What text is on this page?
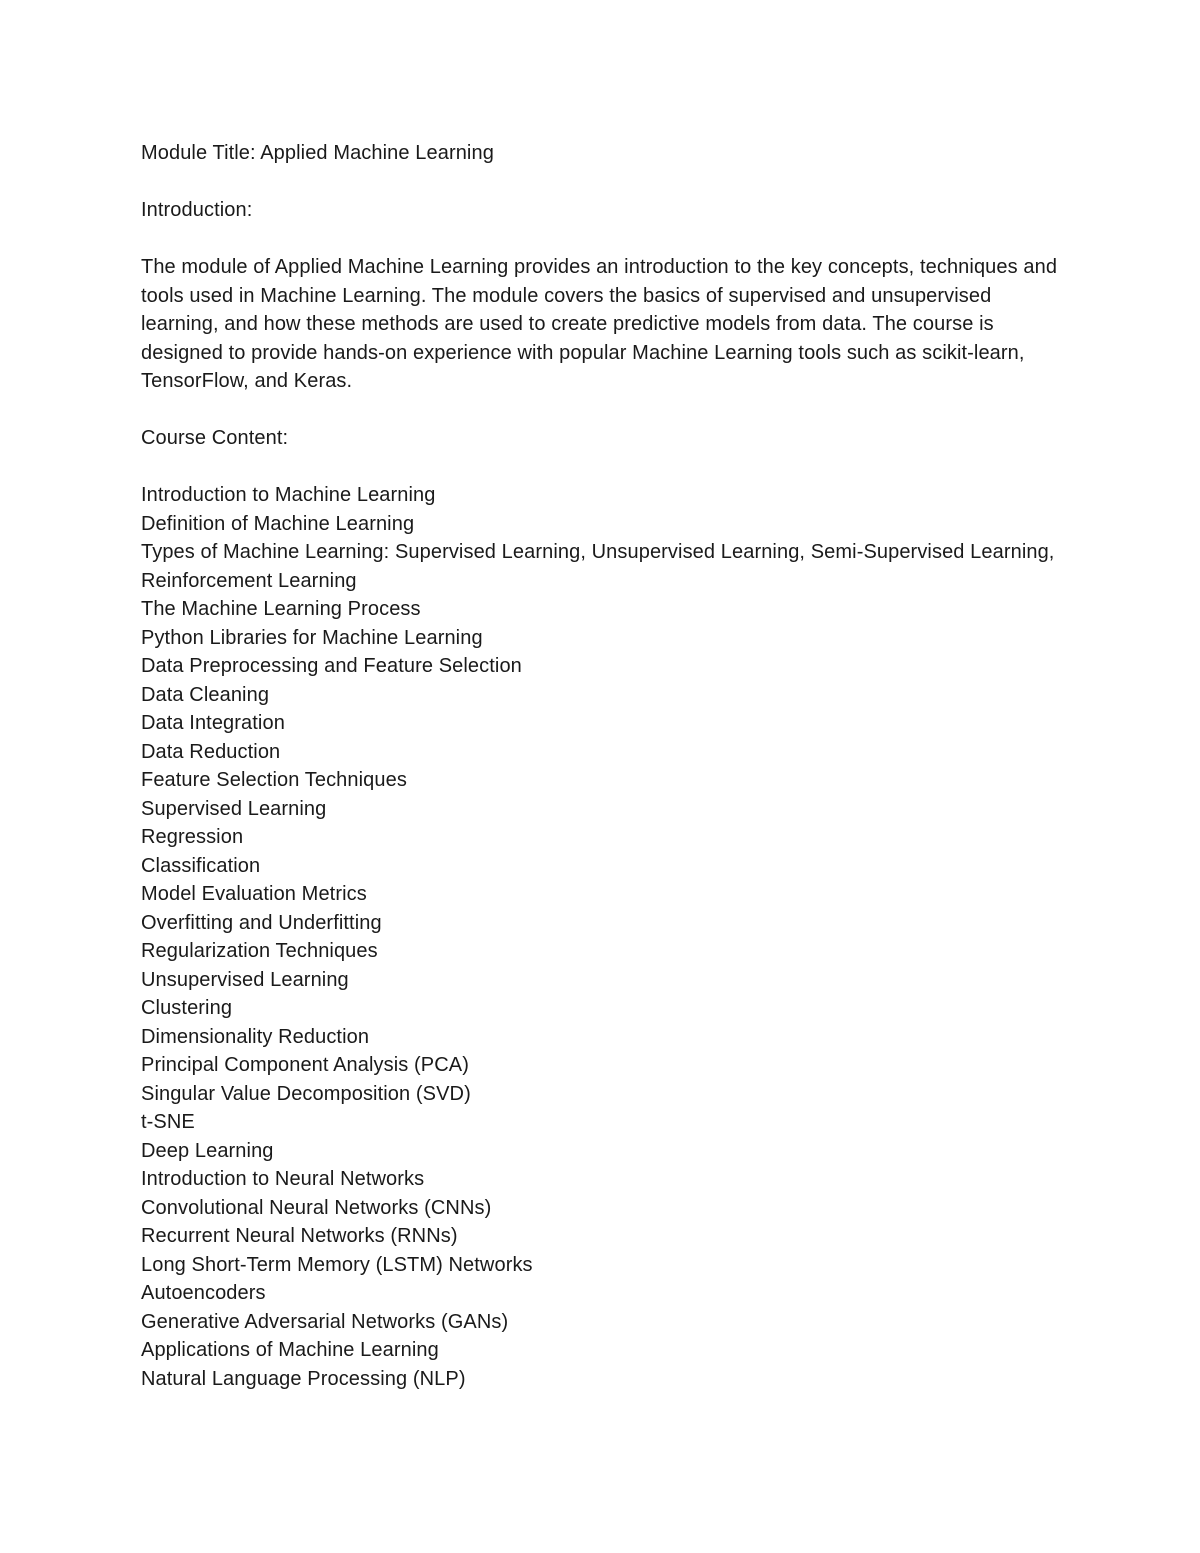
Module Title: Applied Machine Learning

Introduction:

The module of Applied Machine Learning provides an introduction to the key concepts, techniques and tools used in Machine Learning. The module covers the basics of supervised and unsupervised learning, and how these methods are used to create predictive models from data. The course is designed to provide hands-on experience with popular Machine Learning tools such as scikit-learn, TensorFlow, and Keras.

Course Content:

Introduction to Machine Learning
Definition of Machine Learning
Types of Machine Learning: Supervised Learning, Unsupervised Learning, Semi-Supervised Learning, Reinforcement Learning
The Machine Learning Process
Python Libraries for Machine Learning
Data Preprocessing and Feature Selection
Data Cleaning
Data Integration
Data Reduction
Feature Selection Techniques
Supervised Learning
Regression
Classification
Model Evaluation Metrics
Overfitting and Underfitting
Regularization Techniques
Unsupervised Learning
Clustering
Dimensionality Reduction
Principal Component Analysis (PCA)
Singular Value Decomposition (SVD)
t-SNE
Deep Learning
Introduction to Neural Networks
Convolutional Neural Networks (CNNs)
Recurrent Neural Networks (RNNs)
Long Short-Term Memory (LSTM) Networks
Autoencoders
Generative Adversarial Networks (GANs)
Applications of Machine Learning
Natural Language Processing (NLP)
